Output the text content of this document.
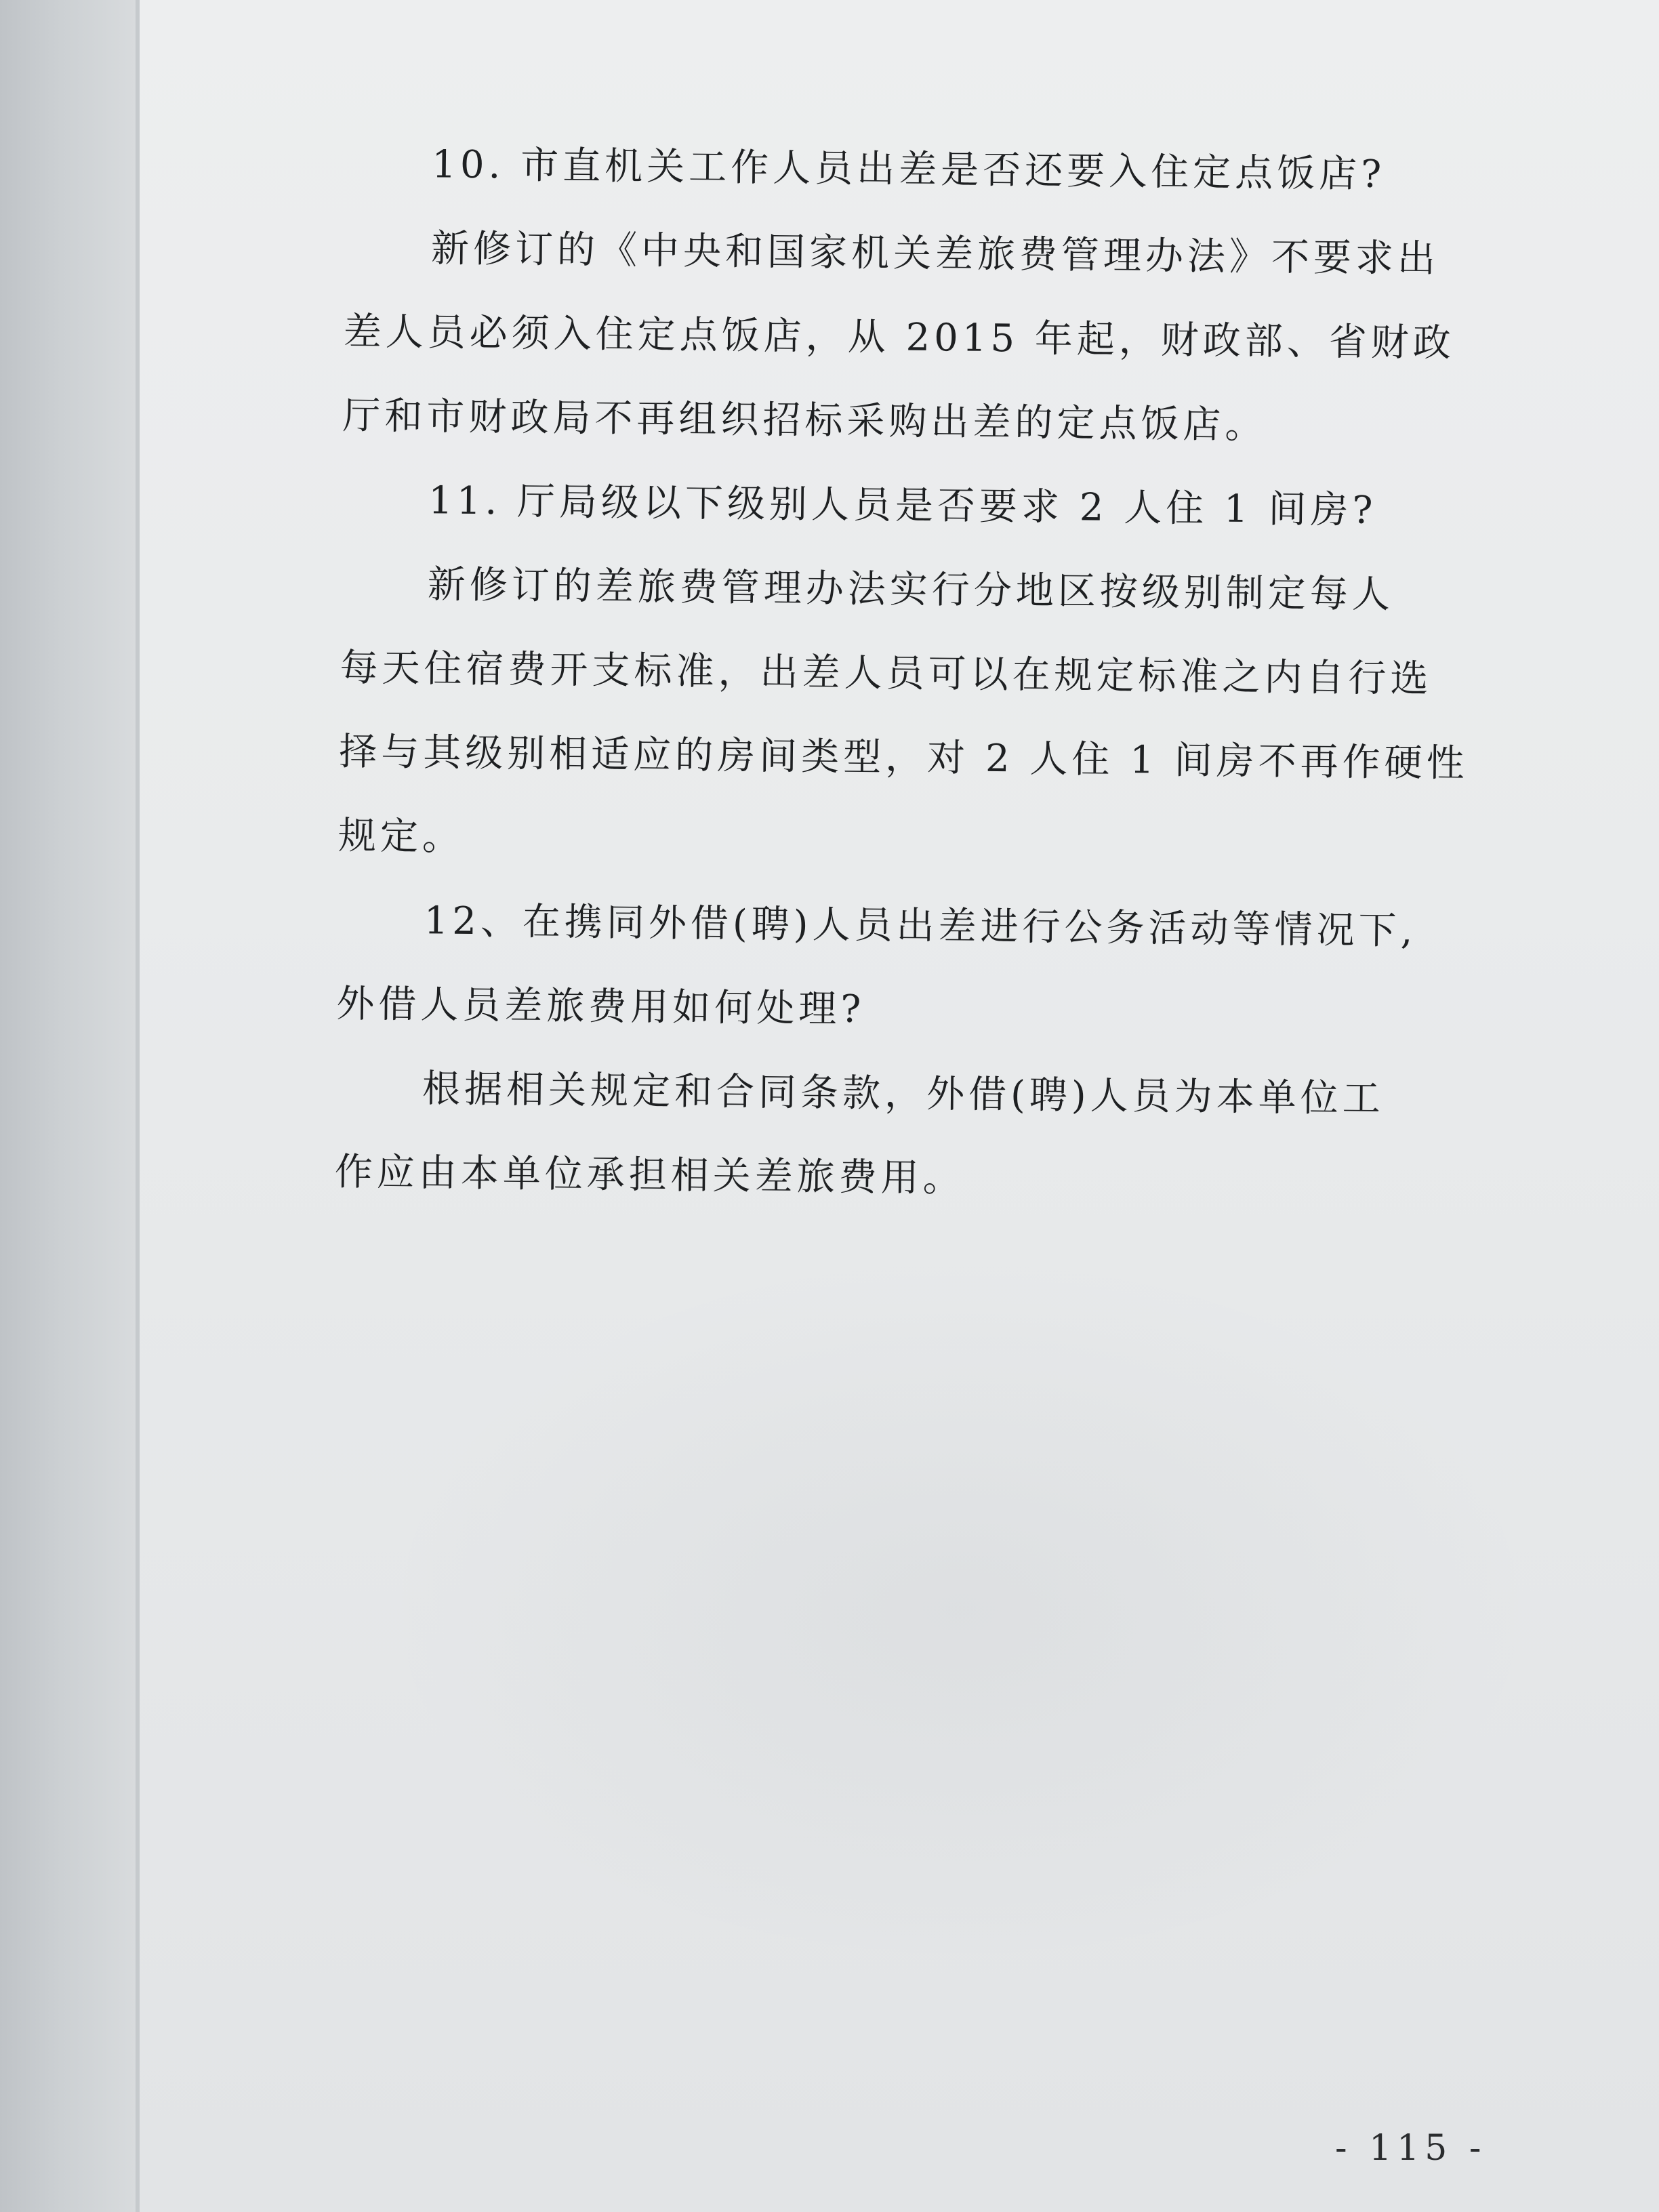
10. 市直机关工作人员出差是否还要入住定点饭店?
新修订的《中央和国家机关差旅费管理办法》不要求出
差人员必须入住定点饭店，从 2015 年起，财政部、省财政
厅和市财政局不再组织招标采购出差的定点饭店。
11. 厅局级以下级别人员是否要求 2 人住 1 间房?
新修订的差旅费管理办法实行分地区按级别制定每人
每天住宿费开支标准，出差人员可以在规定标准之内自行选
择与其级别相适应的房间类型，对 2 人住 1 间房不再作硬性
规定。
12、在携同外借(聘)人员出差进行公务活动等情况下,
外借人员差旅费用如何处理?
根据相关规定和合同条款，外借(聘)人员为本单位工
作应由本单位承担相关差旅费用。
- 115 -
